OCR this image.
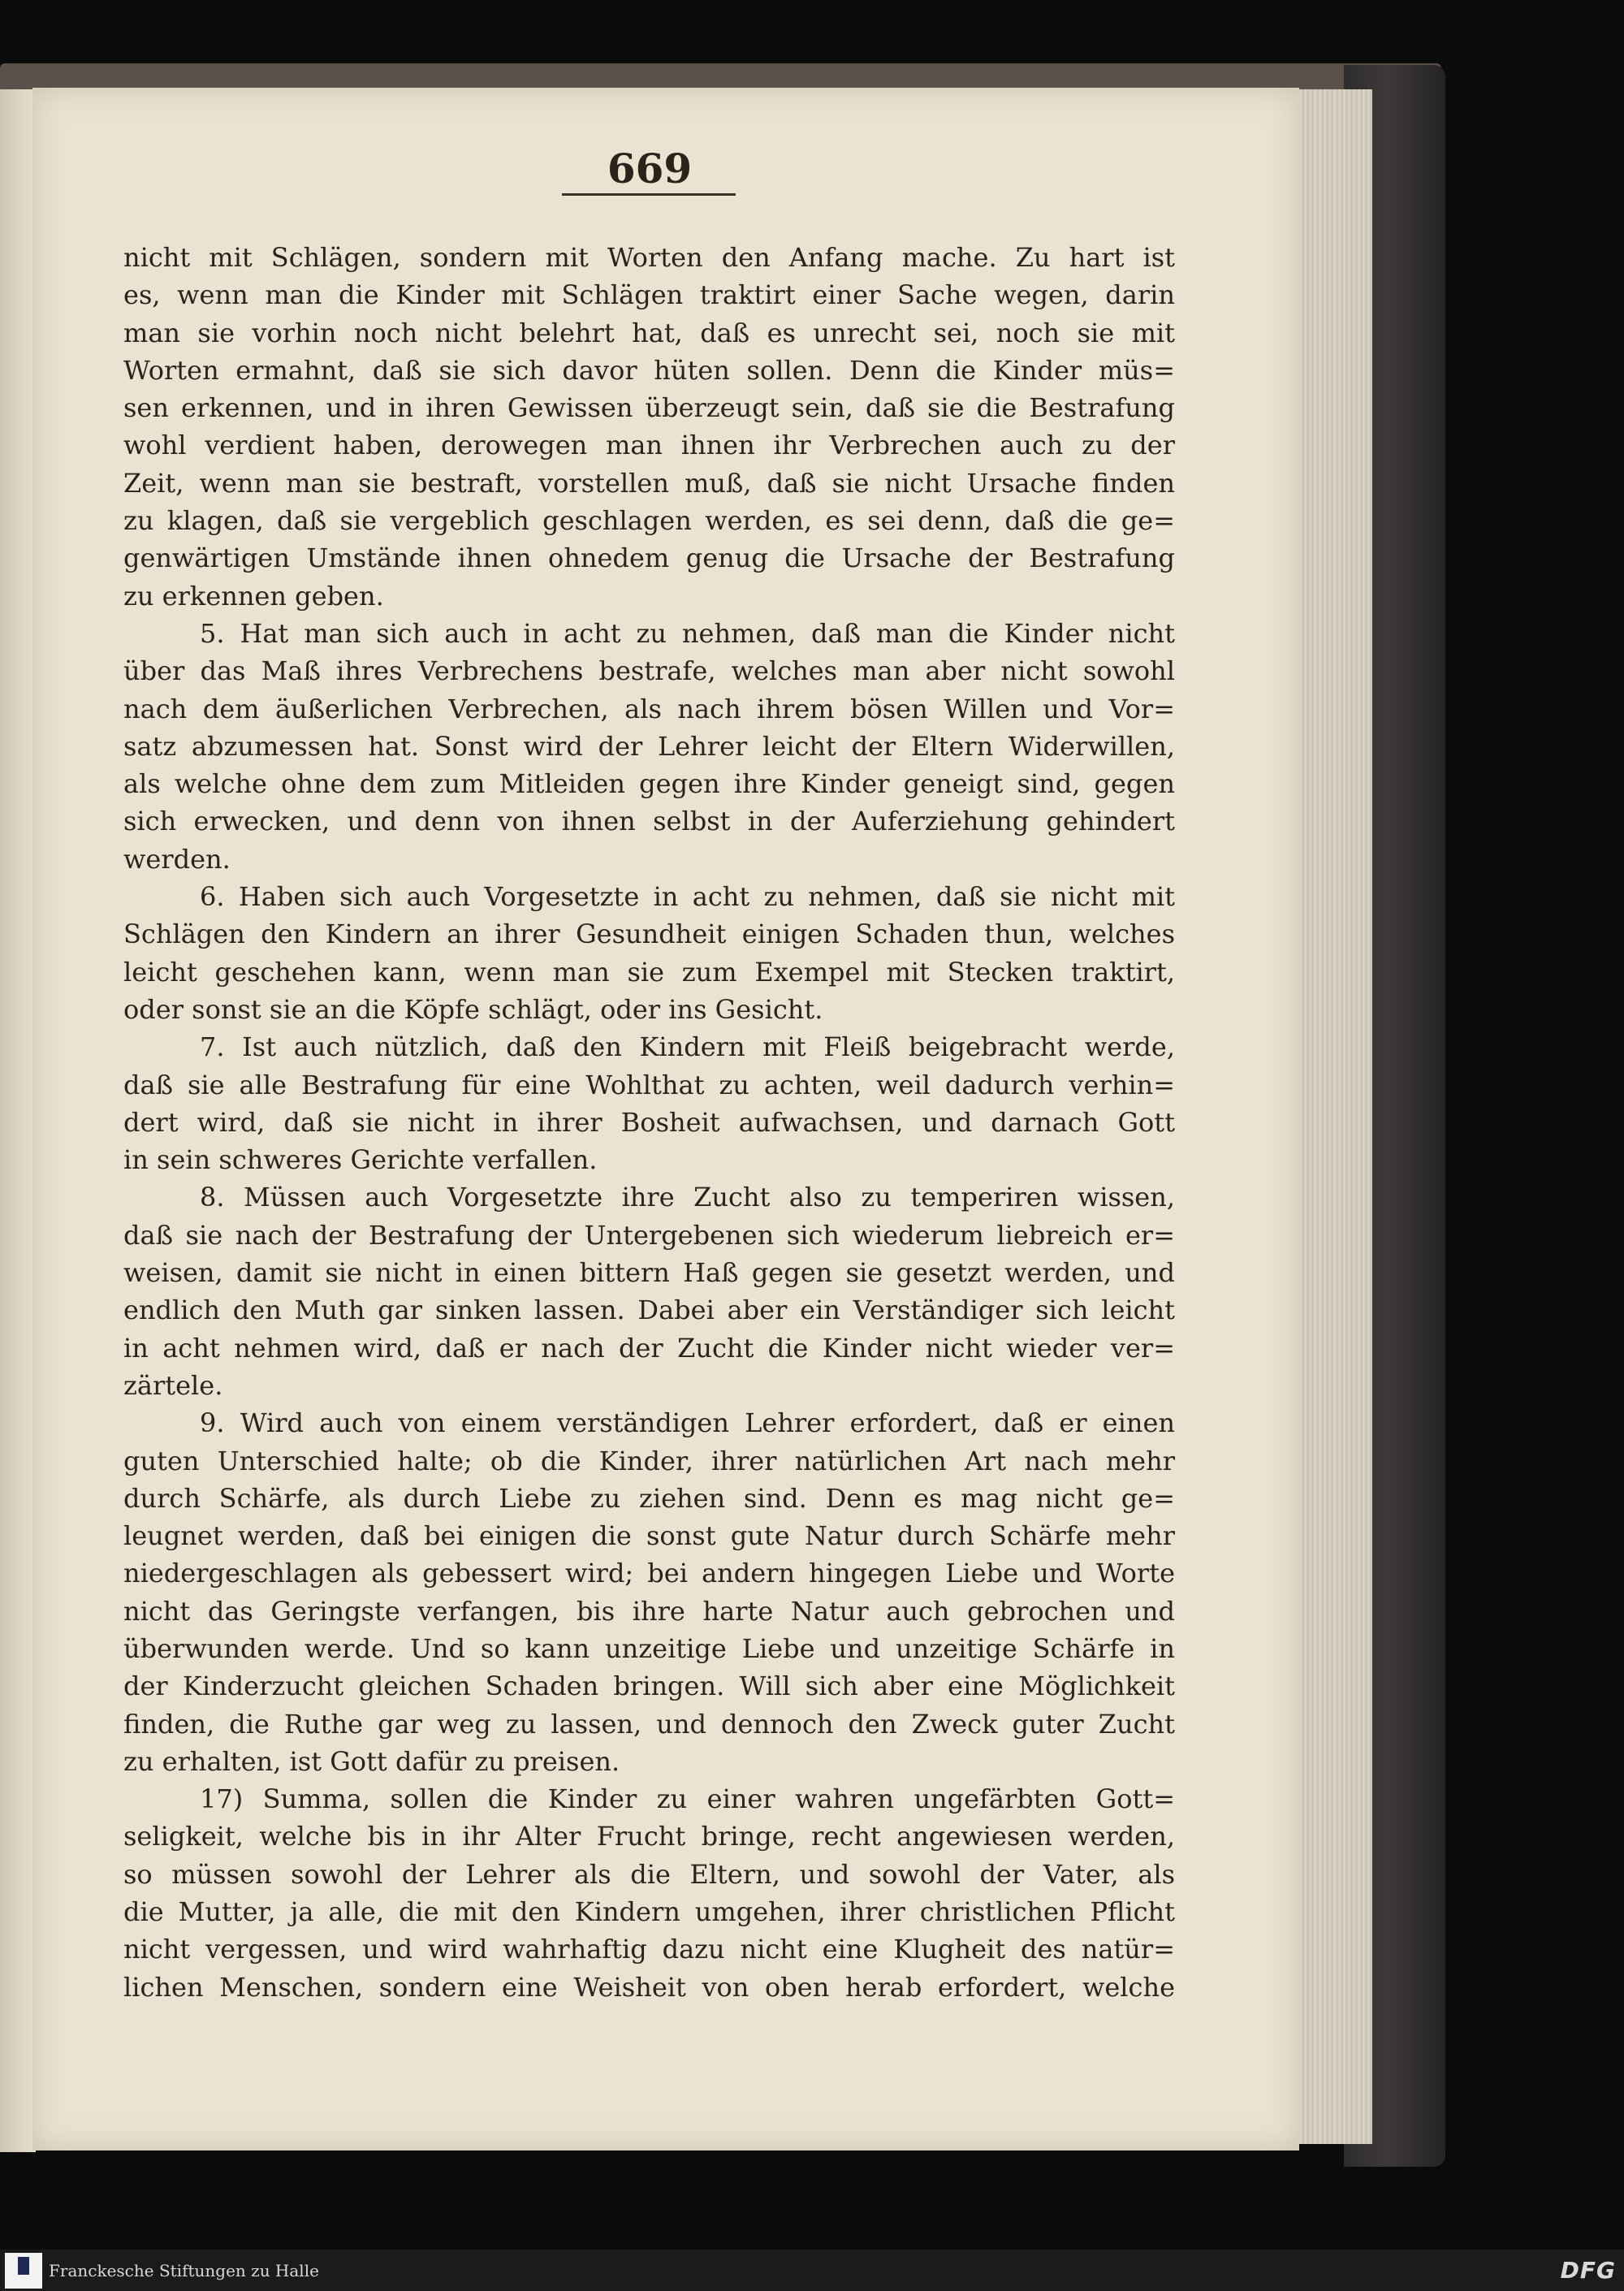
669
nicht mit Schlägen, sondern mit Worten den Anfang mache. Zu hart ist
es, wenn man die Kinder mit Schlägen traktirt einer Sache wegen, darin
man sie vorhin noch nicht belehrt hat, daß es unrecht sei, noch sie mit
Worten ermahnt, daß sie sich davor hüten sollen. Denn die Kinder müs=
sen erkennen, und in ihren Gewissen überzeugt sein, daß sie die Bestrafung
wohl verdient haben, derowegen man ihnen ihr Verbrechen auch zu der
Zeit, wenn man sie bestraft, vorstellen muß, daß sie nicht Ursache finden
zu klagen, daß sie vergeblich geschlagen werden, es sei denn, daß die ge=
genwärtigen Umstände ihnen ohnedem genug die Ursache der Bestrafung
zu erkennen geben.
5. Hat man sich auch in acht zu nehmen, daß man die Kinder nicht
über das Maß ihres Verbrechens bestrafe, welches man aber nicht sowohl
nach dem äußerlichen Verbrechen, als nach ihrem bösen Willen und Vor=
satz abzumessen hat. Sonst wird der Lehrer leicht der Eltern Widerwillen,
als welche ohne dem zum Mitleiden gegen ihre Kinder geneigt sind, gegen
sich erwecken, und denn von ihnen selbst in der Auferziehung gehindert
werden.
6. Haben sich auch Vorgesetzte in acht zu nehmen, daß sie nicht mit
Schlägen den Kindern an ihrer Gesundheit einigen Schaden thun, welches
leicht geschehen kann, wenn man sie zum Exempel mit Stecken traktirt,
oder sonst sie an die Köpfe schlägt, oder ins Gesicht.
7. Ist auch nützlich, daß den Kindern mit Fleiß beigebracht werde,
daß sie alle Bestrafung für eine Wohlthat zu achten, weil dadurch verhin=
dert wird, daß sie nicht in ihrer Bosheit aufwachsen, und darnach Gott
in sein schweres Gerichte verfallen.
8. Müssen auch Vorgesetzte ihre Zucht also zu temperiren wissen,
daß sie nach der Bestrafung der Untergebenen sich wiederum liebreich er=
weisen, damit sie nicht in einen bittern Haß gegen sie gesetzt werden, und
endlich den Muth gar sinken lassen. Dabei aber ein Verständiger sich leicht
in acht nehmen wird, daß er nach der Zucht die Kinder nicht wieder ver=
zärtele.
9. Wird auch von einem verständigen Lehrer erfordert, daß er einen
guten Unterschied halte; ob die Kinder, ihrer natürlichen Art nach mehr
durch Schärfe, als durch Liebe zu ziehen sind. Denn es mag nicht ge=
leugnet werden, daß bei einigen die sonst gute Natur durch Schärfe mehr
niedergeschlagen als gebessert wird; bei andern hingegen Liebe und Worte
nicht das Geringste verfangen, bis ihre harte Natur auch gebrochen und
überwunden werde. Und so kann unzeitige Liebe und unzeitige Schärfe in
der Kinderzucht gleichen Schaden bringen. Will sich aber eine Möglichkeit
finden, die Ruthe gar weg zu lassen, und dennoch den Zweck guter Zucht
zu erhalten, ist Gott dafür zu preisen.
17) Summa, sollen die Kinder zu einer wahren ungefärbten Gott=
seligkeit, welche bis in ihr Alter Frucht bringe, recht angewiesen werden,
so müssen sowohl der Lehrer als die Eltern, und sowohl der Vater, als
die Mutter, ja alle, die mit den Kindern umgehen, ihrer christlichen Pflicht
nicht vergessen, und wird wahrhaftig dazu nicht eine Klugheit des natür=
lichen Menschen, sondern eine Weisheit von oben herab erfordert, welche
Franckesche Stiftungen zu Halle	DFG
